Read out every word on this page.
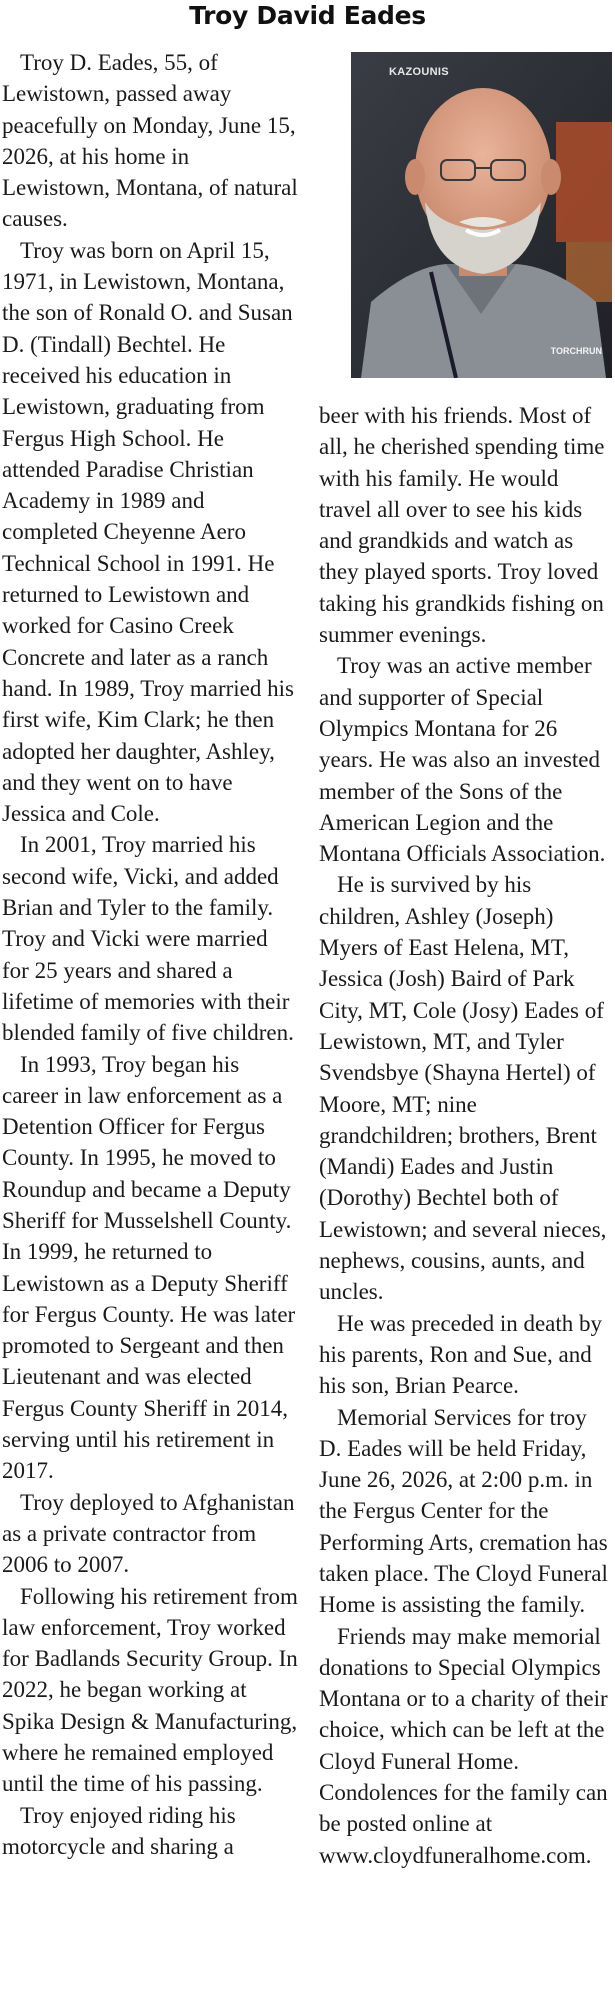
Troy David Eades

Troy D. Eades, 55, of Lewistown, passed away peacefully on Monday, June 15, 2026, at his home in Lewistown, Montana, of natural causes.

Troy was born on April 15, 1971, in Lewistown, Montana, the son of Ronald O. and Susan D. (Tindall) Bechtel. He received his education in Lewistown, graduating from Fergus High School. He attended Paradise Christian Academy in 1989 and completed Cheyenne Aero Technical School in 1991. He returned to Lewistown and worked for Casino Creek Concrete and later as a ranch hand. In 1989, Troy married his first wife, Kim Clark; he then adopted her daughter, Ashley, and they went on to have Jessica and Cole.

In 2001, Troy married his second wife, Vicki, and added Brian and Tyler to the family. Troy and Vicki were married for 25 years and shared a lifetime of memories with their blended family of five children.

In 1993, Troy began his career in law enforcement as a Detention Officer for Fergus County. In 1995, he moved to Roundup and became a Deputy Sheriff for Musselshell County. In 1999, he returned to Lewistown as a Deputy Sheriff for Fergus County. He was later promoted to Sergeant and then Lieutenant and was elected Fergus County Sheriff in 2014, serving until his retirement in 2017.

Troy deployed to Afghanistan as a private contractor from 2006 to 2007.

Following his retirement from law enforcement, Troy worked for Badlands Security Group. In 2022, he began working at Spika Design & Manufacturing, where he remained employed until the time of his passing.

Troy enjoyed riding his motorcycle and sharing a

KAZOUNIS
TORCHRUN

beer with his friends. Most of all, he cherished spending time with his family. He would travel all over to see his kids and grandkids and watch as they played sports. Troy loved taking his grandkids fishing on summer evenings.

Troy was an active member and supporter of Special Olympics Montana for 26 years. He was also an invested member of the Sons of the American Legion and the Montana Officials Association.

He is survived by his children, Ashley (Joseph) Myers of East Helena, MT, Jessica (Josh) Baird of Park City, MT, Cole (Josy) Eades of Lewistown, MT, and Tyler Svendsbye (Shayna Hertel) of Moore, MT; nine grandchildren; brothers, Brent (Mandi) Eades and Justin (Dorothy) Bechtel both of Lewistown; and several nieces, nephews, cousins, aunts, and uncles.

He was preceded in death by his parents, Ron and Sue, and his son, Brian Pearce.

Memorial Services for troy D. Eades will be held Friday, June 26, 2026, at 2:00 p.m. in the Fergus Center for the Performing Arts, cremation has taken place. The Cloyd Funeral Home is assisting the family.

Friends may make memorial donations to Special Olympics Montana or to a charity of their choice, which can be left at the Cloyd Funeral Home. Condolences for the family can be posted online at www.cloydfuneralhome.com.
